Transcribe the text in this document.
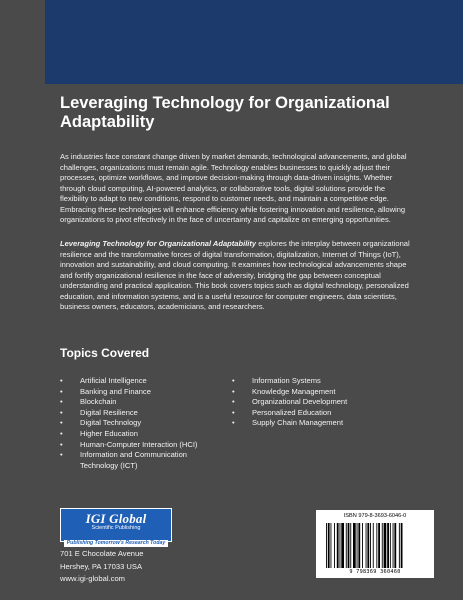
Leveraging Technology for Organizational Adaptability
As industries face constant change driven by market demands, technological advancements, and global challenges, organizations must remain agile. Technology enables businesses to quickly adjust their processes, optimize workflows, and improve decision-making through data-driven insights. Whether through cloud computing, AI-powered analytics, or collaborative tools, digital solutions provide the flexibility to adapt to new conditions, respond to customer needs, and maintain a competitive edge. Embracing these technologies will enhance efficiency while fostering innovation and resilience, allowing organizations to pivot effectively in the face of uncertainty and capitalize on emerging opportunities.
Leveraging Technology for Organizational Adaptability explores the interplay between organizational resilience and the transformative forces of digital transformation, digitalization, Internet of Things (IoT), innovation and sustainability, and cloud computing. It examines how technological advancements shape and fortify organizational resilience in the face of adversity, bridging the gap between conceptual understanding and practical application. This book covers topics such as digital technology, personalized education, and information systems, and is a useful resource for computer engineers, data scientists, business owners, educators, academicians, and researchers.
Topics Covered
• Artificial Intelligence
• Banking and Finance
• Blockchain
• Digital Resilience
• Digital Technology
• Higher Education
• Human-Computer Interaction (HCI)
• Information and Communication Technology (ICT)
• Information Systems
• Knowledge Management
• Organizational Development
• Personalized Education
• Supply Chain Management
IGI Global
Scientific Publishing
Publishing Tomorrow's Research Today
701 E Chocolate Avenue
Hershey, PA 17033 USA
www.igi-global.com
ISBN 979-8-3693-6046-0
9 798369 360460
